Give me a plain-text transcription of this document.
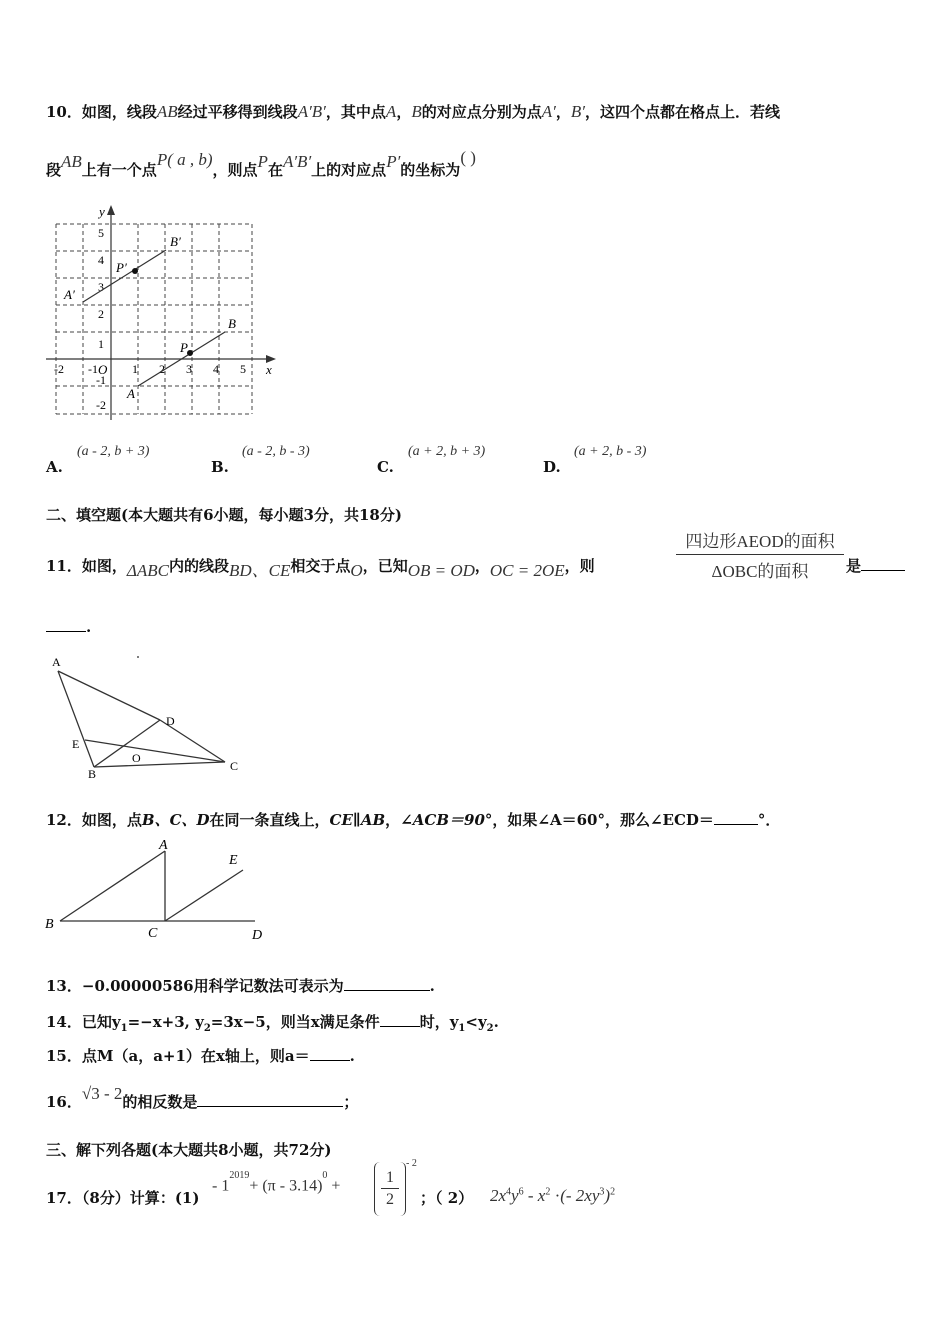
10．如图，线段AB经过平移得到线段A′B′，其中点A，B的对应点分别为点A′，B′，这四个点都在格点上．若线
段AB上有一个点P( a , b)，则点P在A′B′上的对应点P′的坐标为( )
y
x
5
4
3
2
1
-1
-2
-2 -1 O 1 2 3 4 5
B′
P′
A′
B
P
A
A.
(a - 2, b + 3)
B.
(a - 2, b - 3)
C.
(a + 2, b + 3)
D.
(a + 2, b - 3)
二、填空题(本大题共有6小题，每小题3分，共18分)
11．如图，ΔABC内的线段BD、CE相交于点O，已知OB = OD，OC = 2OE，则
四边形AEOD的面积
ΔOBC的面积	是
.
A
D
E
O
B
C
12．如图，点B、C、D在同一条直线上，CE∥AB，∠ACB＝90°，如果∠A＝60°，那么∠ECD＝	°．
A
E
B
C	D
13．−0.00000586用科学记数法可表示为	.
14．已知$y_1=-x+3$, $y_2=3x-5$，则当x满足条件	时，$y_1<y_2$.
15．点M（a，a+1）在x轴上，则a＝	.
16．√3 - 2的相反数是	；
三、解下列各题(本大题共8小题，共72分)
17．（8分）计算：(1)
- $1^{2019}+ (\pi - 3.14)^0$ +	1
2
- 2
；（ 2） $2x^4y^6 - x^2$ ·(- $2xy^3)^2$
